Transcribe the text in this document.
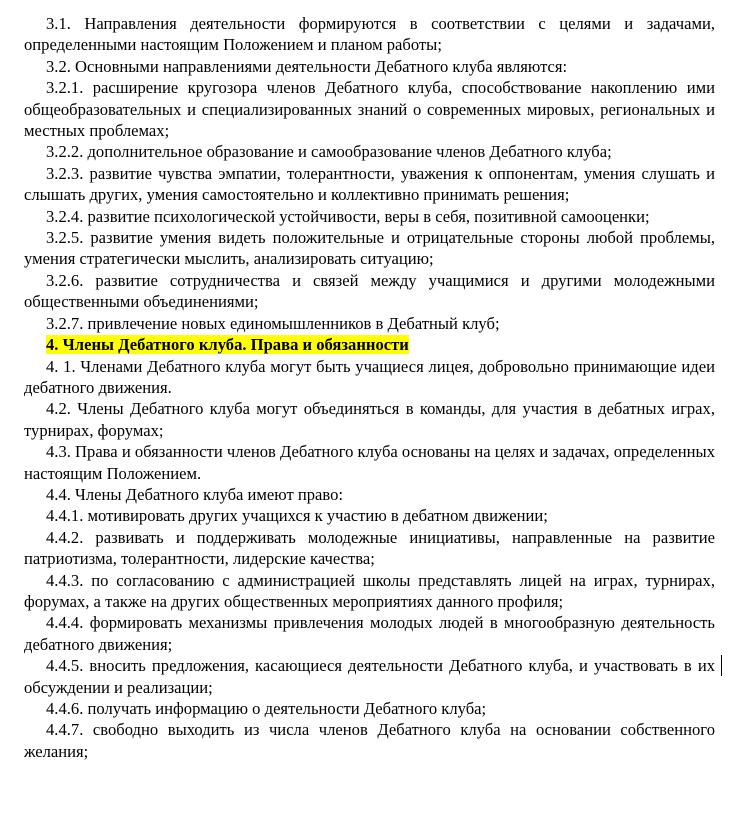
3.1. Направления деятельности формируются в соответствии с целями и задачами, определенными настоящим Положением и планом работы;

3.2. Основными направлениями деятельности Дебатного клуба являются:

3.2.1. расширение кругозора членов Дебатного клуба, способствование накоплению ими общеобразовательных и специализированных знаний о современных мировых, региональных и местных проблемах;

3.2.2. дополнительное образование и самообразование членов Дебатного клуба;

3.2.3. развитие чувства эмпатии, толерантности, уважения к оппонентам, умения слушать и слышать других, умения самостоятельно и коллективно принимать решения;

3.2.4. развитие психологической устойчивости, веры в себя, позитивной самооценки;

3.2.5. развитие умения видеть положительные и отрицательные стороны любой проблемы, умения стратегически мыслить, анализировать ситуацию;

3.2.6. развитие сотрудничества и связей между учащимися и другими молодежными общественными объединениями;

3.2.7. привлечение новых единомышленников в Дебатный клуб;

4. Члены Дебатного клуба. Права и обязанности

4. 1. Членами Дебатного клуба могут быть учащиеся лицея, добровольно принимающие идеи дебатного движения.

4.2. Члены Дебатного клуба могут объединяться в команды, для участия в дебатных играх, турнирах, форумах;

4.3. Права и обязанности членов Дебатного клуба основаны на целях и задачах, определенных настоящим Положением.

4.4. Члены Дебатного клуба имеют право:

4.4.1. мотивировать других учащихся к участию в дебатном движении;

4.4.2. развивать и поддерживать молодежные инициативы, направленные на развитие патриотизма, толерантности, лидерские качества;

4.4.3. по согласованию с администрацией школы представлять лицей на играх, турнирах, форумах, а также на других общественных мероприятиях данного профиля;

4.4.4. формировать механизмы привлечения молодых людей в многообразную деятельность дебатного движения;

4.4.5. вносить предложения, касающиеся деятельности Дебатного клуба, и участвовать в их обсуждении и реализации;

4.4.6. получать информацию о деятельности Дебатного клуба;

4.4.7. свободно выходить из числа членов Дебатного клуба на основании собственного желания;
